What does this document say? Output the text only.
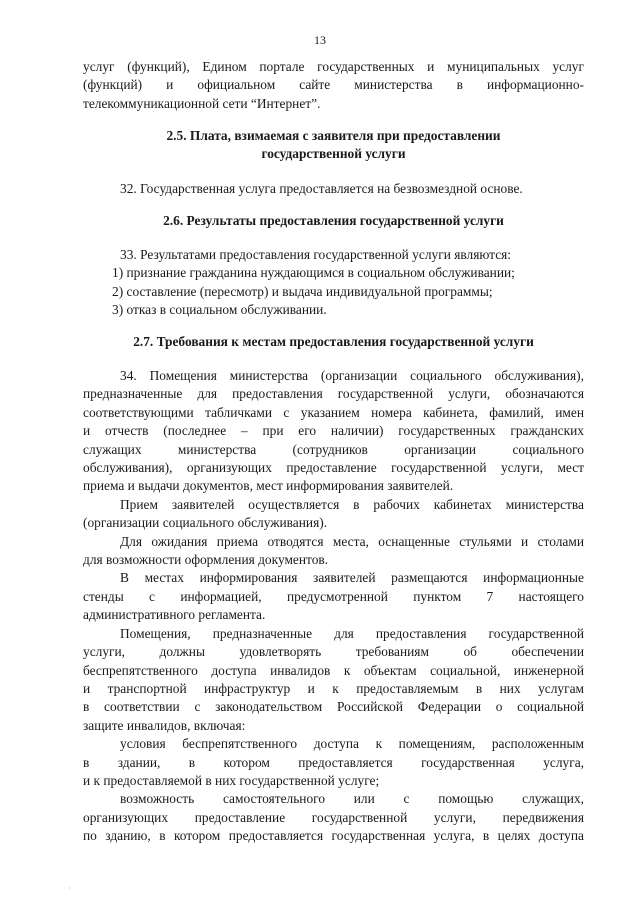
13

услуг (функций), Едином портале государственных и муниципальных услуг

(функций) и официальном сайте министерства в информационно-

телекоммуникационной сети “Интернет”.

2.5. Плата, взимаемая с заявителя при предоставлении

государственной услуги

32. Государственная услуга предоставляется на безвозмездной основе.

2.6. Результаты предоставления государственной услуги

33. Результатами предоставления государственной услуги являются:

1) признание гражданина нуждающимся в социальном обслуживании;

2) составление (пересмотр) и выдача индивидуальной программы;

3) отказ в социальном обслуживании.

2.7. Требования к местам предоставления государственной услуги

34. Помещения министерства (организации социального обслуживания),

предназначенные для предоставления государственной услуги, обозначаются

соответствующими табличками с указанием номера кабинета, фамилий, имен

и отчеств (последнее – при его наличии) государственных гражданских

служащих министерства (сотрудников организации социального

обслуживания), организующих предоставление государственной услуги, мест

приема и выдачи документов, мест информирования заявителей.

Прием заявителей осуществляется в рабочих кабинетах министерства

(организации социального обслуживания).

Для ожидания приема отводятся места, оснащенные стульями и столами

для возможности оформления документов.

В местах информирования заявителей размещаются информационные

стенды с информацией, предусмотренной пунктом 7 настоящего

административного регламента.

Помещения, предназначенные для предоставления государственной

услуги, должны удовлетворять требованиям об обеспечении

беспрепятственного доступа инвалидов к объектам социальной, инженерной

и транспортной инфраструктур и к предоставляемым в них услугам

в соответствии с законодательством Российской Федерации о социальной

защите инвалидов, включая:

условия беспрепятственного доступа к помещениям, расположенным

в здании, в котором предоставляется государственная услуга,

и к предоставляемой в них государственной услуге;

возможность самостоятельного или с помощью служащих,

организующих предоставление государственной услуги, передвижения

по зданию, в котором предоставляется государственная услуга, в целях доступа

·
